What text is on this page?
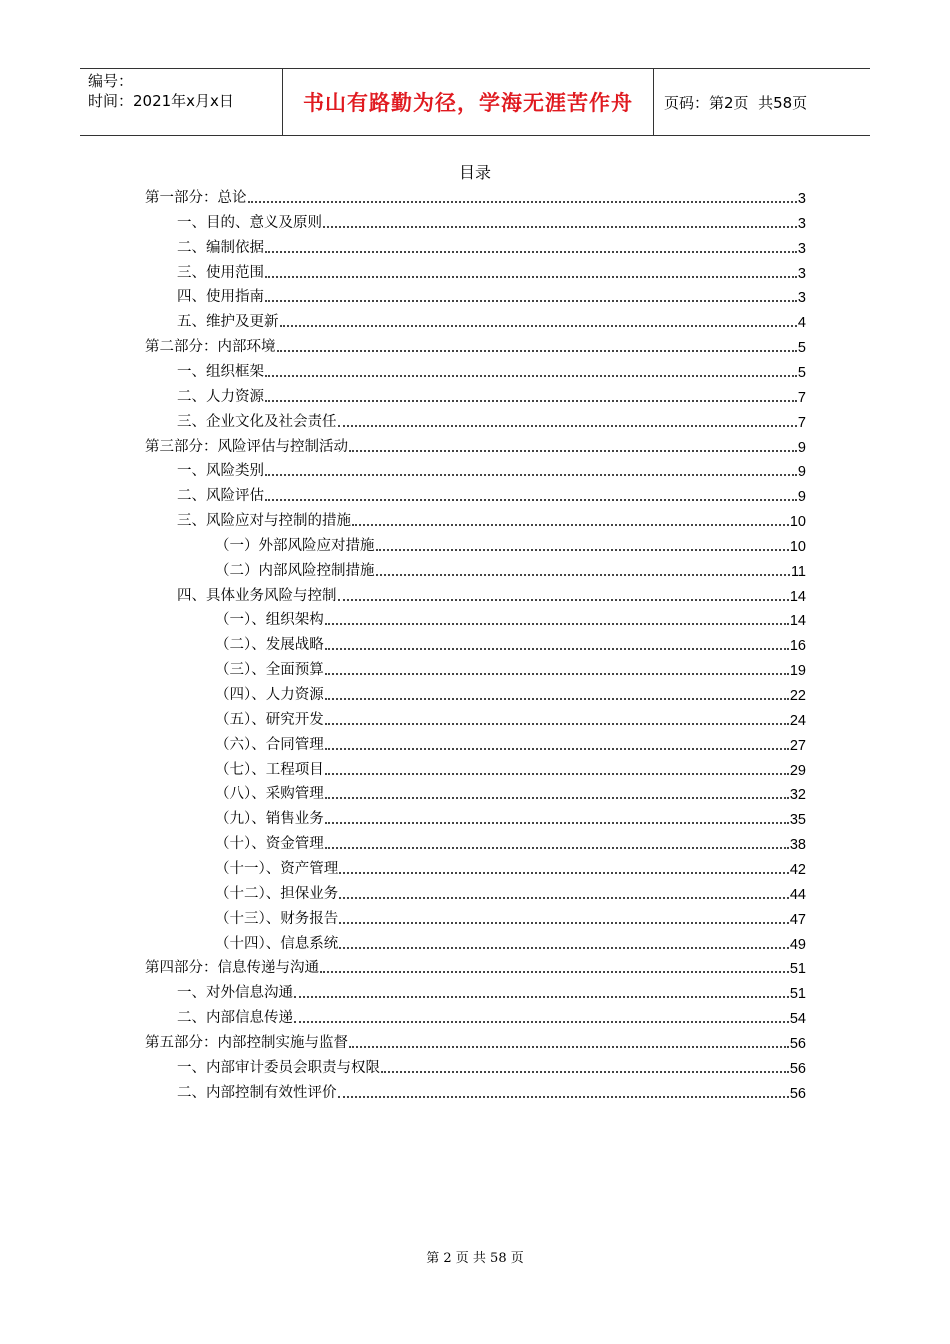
编号：
时间：2021年x月x日	书山有路勤为径，学海无涯苦作舟	页码：第2页  共58页
目录
第一部分：总论	3
一、目的、意义及原则	3
二、编制依据	3
三、使用范围	3
四、使用指南	3
五、维护及更新	4
第二部分：内部环境	5
一、组织框架	5
二、人力资源	7
三、企业文化及社会责任	7
第三部分：风险评估与控制活动	9
一、风险类别	9
二、风险评估	9
三、风险应对与控制的措施	10
（一）外部风险应对措施	10
（二）内部风险控制措施	11
四、具体业务风险与控制	14
（一）、组织架构	14
（二）、发展战略	16
（三）、全面预算	19
（四）、人力资源	22
（五）、研究开发	24
（六）、合同管理	27
（七）、工程项目	29
（八）、采购管理	32
（九）、销售业务	35
（十）、资金管理	38
（十一）、资产管理	42
（十二）、担保业务	44
（十三）、财务报告	47
（十四）、信息系统	49
第四部分：信息传递与沟通	51
一、对外信息沟通	51
二、内部信息传递	54
第五部分：内部控制实施与监督	56
一、内部审计委员会职责与权限	56
二、内部控制有效性评价	56
第 2 页 共 58 页
